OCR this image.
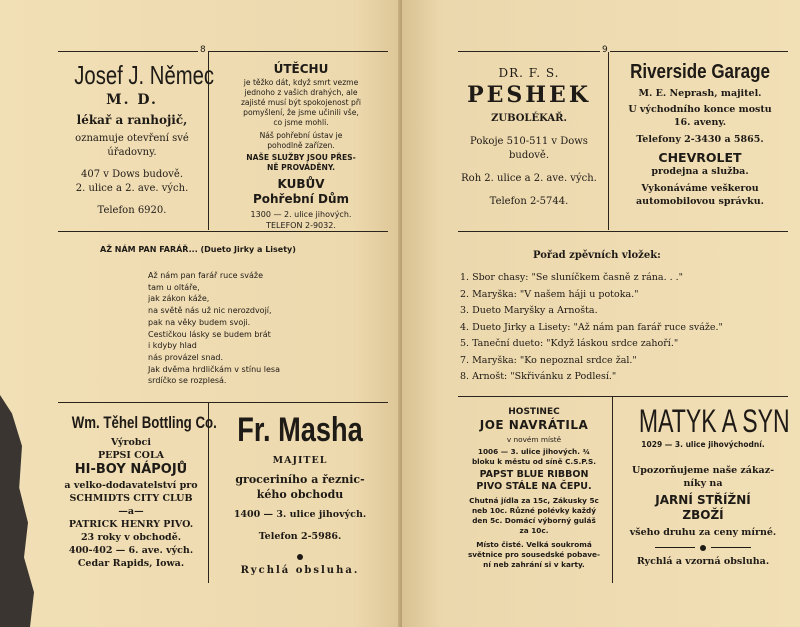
8
Josef J. Němec
M. D.
lékař a ranhojič,
oznamuje otevření své
úřadovny.
407 v Dows budově.
2. ulice a 2. ave. vých.
Telefon 6920.
ÚTĚCHU
je těžko dát, když smrt vezme
jednoho z vašich drahých, ale
zajisté musí být spokojenost při
pomyšlení, že jsme učinili vše,
co jsme mohli.
Náš pohřební ústav je
pohodlně zařízen.
NAŠE SLUŽBY JSOU PŘES-
NĚ PROVÁDĚNY.
KUBŮV
Pohřební Dům
1300 — 2. ulice jihových.
TELEFON 2-9032.
AŽ NÁM PAN FARÁŘ... (Dueto Jirky a Lisety)
Až nám pan farář ruce sváže
tam u oltáře,
jak zákon káže,
na světě nás už nic nerozdvojí,
pak na věky budem svoji.
Cestičkou lásky se budem brát
i kdyby hlad
nás provázel snad.
Jak dvěma hrdličkám v stínu lesa
srdíčko se rozplesá.
Wm. Těhel Bottling Co.
Výrobci
PEPSI COLA
HI-BOY NÁPOJŮ
a velko-dodavatelství pro
SCHMIDTS CITY CLUB
—a—
PATRICK HENRY PIVO.
23 roky v obchodě.
400-402 — 6. ave. vých.
Cedar Rapids, Iowa.
Fr. Masha
MAJITEL
groceriního a řeznic-
kého obchodu
1400 — 3. ulice jihových.
Telefon 2-5986.
Rychlá obsluha.
9
DR. F. S.
PESHEK
ZUBOLÉKAŘ.
Pokoje 510-511 v Dows
budově.
Roh 2. ulice a 2. ave. vých.
Telefon 2-5744.
Riverside Garage
M. E. Neprash, majitel.
U východního konce mostu
16. aveny.
Telefony 2-3430 a 5865.
CHEVROLET
prodejna a služba.
Vykonáváme veškerou
automobilovou správku.
Pořad zpěvních vložek:
1. Sbor chasy: "Se sluníčkem časně z rána. . ."
2. Maryška: "V našem háji u potoka."
3. Dueto Maryšky a Arnošta.
4. Dueto Jirky a Lisety: "Až nám pan farář ruce sváže."
5. Taneční dueto: "Když láskou srdce zahoří."
7. Maryška: "Ko nepoznal srdce žal."
8. Arnošt: "Skřivánku z Podlesí."
HOSTINEC
JOE NAVRÁTILA
v novém místě
1006 — 3. ulice jihových. ¾
bloku k městu od síně C.S.P.S.
PAPST BLUE RIBBON
PIVO STÁLE NA ČEPU.
Chutná jídla za 15c, Zákusky 5c
neb 10c. Různé polévky každý
den 5c. Domácí výborný guláš
za 10c.
Místo čisté. Velká soukromá
světnice pro sousedské pobave-
ní neb zahrání si v karty.
MATYK A SYN
1029 — 3. ulice jihovýchodní.
Upozorňujeme naše zákaz-
níky na
JARNÍ STŘÍŽNÍ
ZBOŽÍ
všeho druhu za ceny mírné.

Rychlá a vzorná obsluha.
